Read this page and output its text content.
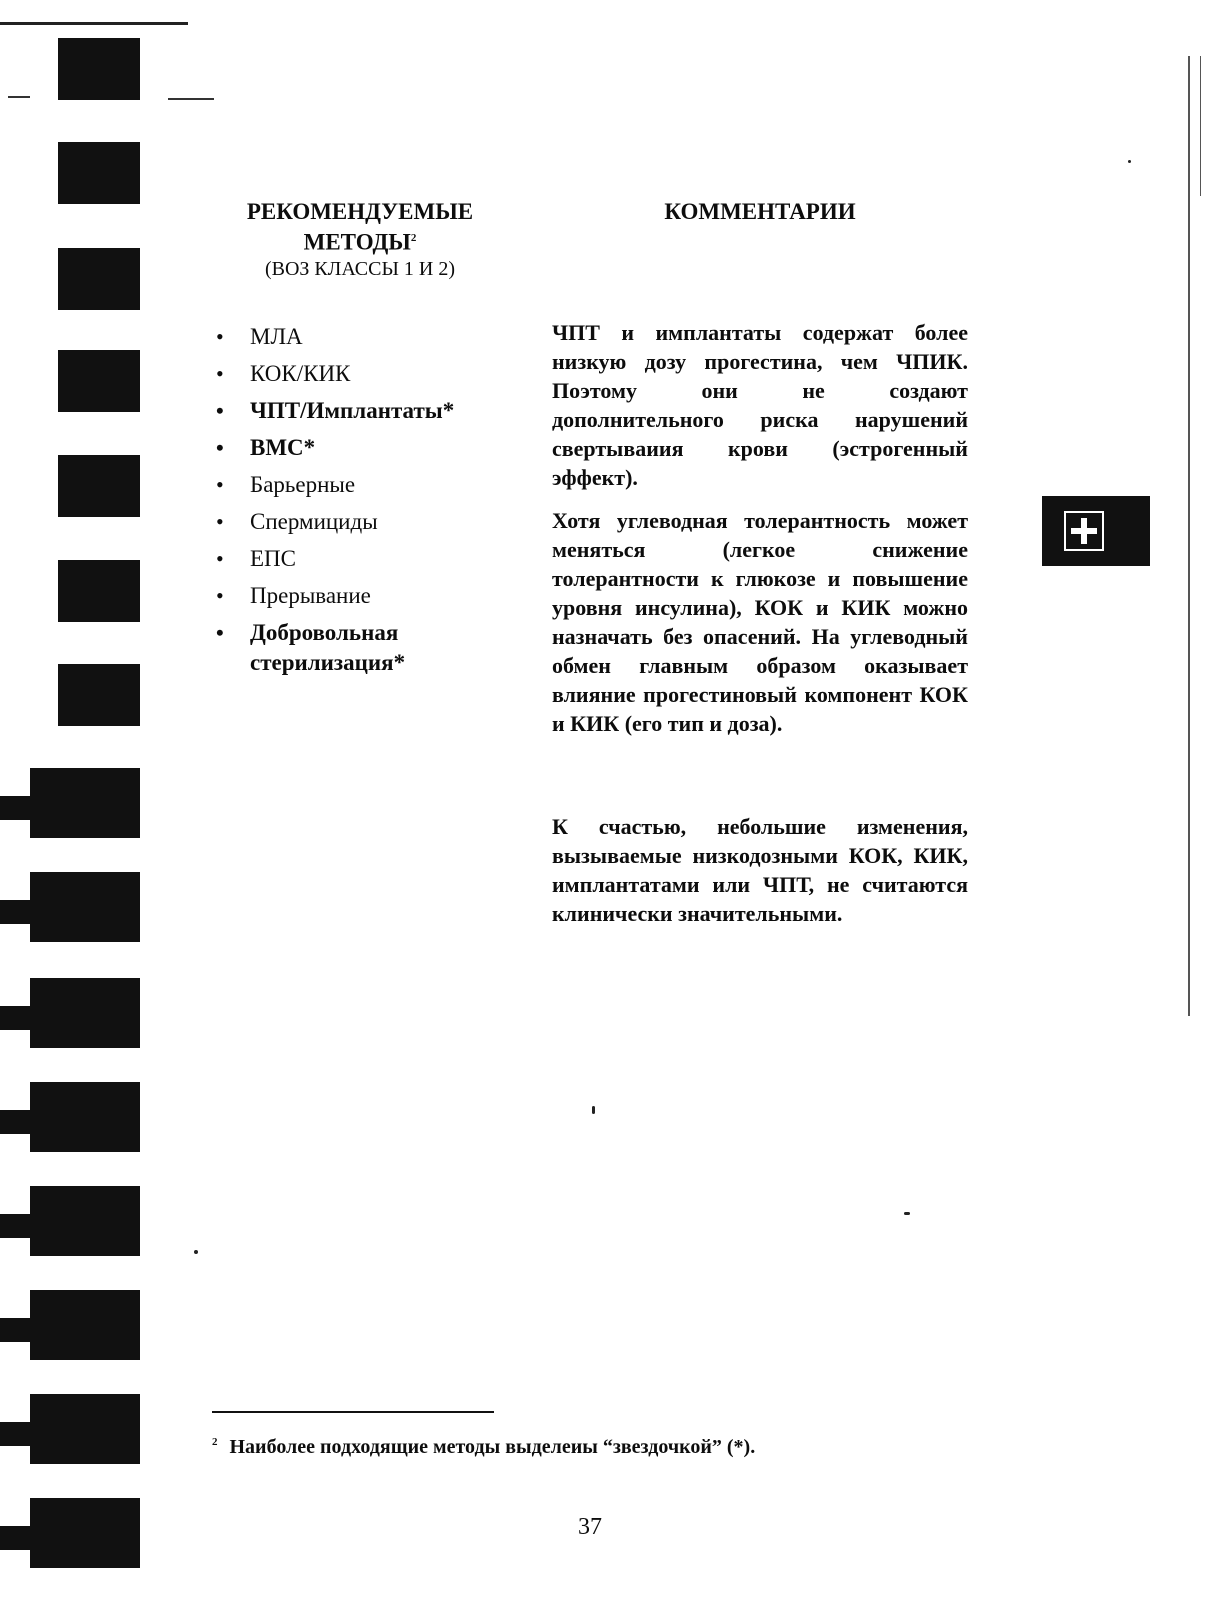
РЕКОМЕНДУЕМЫЕ
МЕТОДЫ$^2$
(ВОЗ КЛАССЫ 1 И 2)
КОММЕНТАРИИ
• МЛА
• КОК/КИК
• ЧПТ/Имплантаты*
• ВМС*
• Барьерные
• Спермициды
• ЕПС
• Прерывание
• Добровольная стерилизация*
ЧПТ и имплантаты содержат более низкую дозу прогестина, чем ЧПИК. Поэтому они не создают дополнительного риска нарушений свертываиия крови (эстрогенный эффект).
Хотя углеводная толерантность может меняться (легкое снижение толерантности к глюкозе и повышение уровня инсулина), КОК и КИК можно назначать без опасений. На углеводный обмен главным образом оказывает влияние прогестиновый компонент КОК и КИК (его тип и доза).
К счастью, небольшие изменения, вызываемые низкодозными КОК, КИК, имплантатами или ЧПТ, не считаются клинически значительными.
$^2$ Наиболее подходящие методы выделеиы “звездочкой” (*).
37
